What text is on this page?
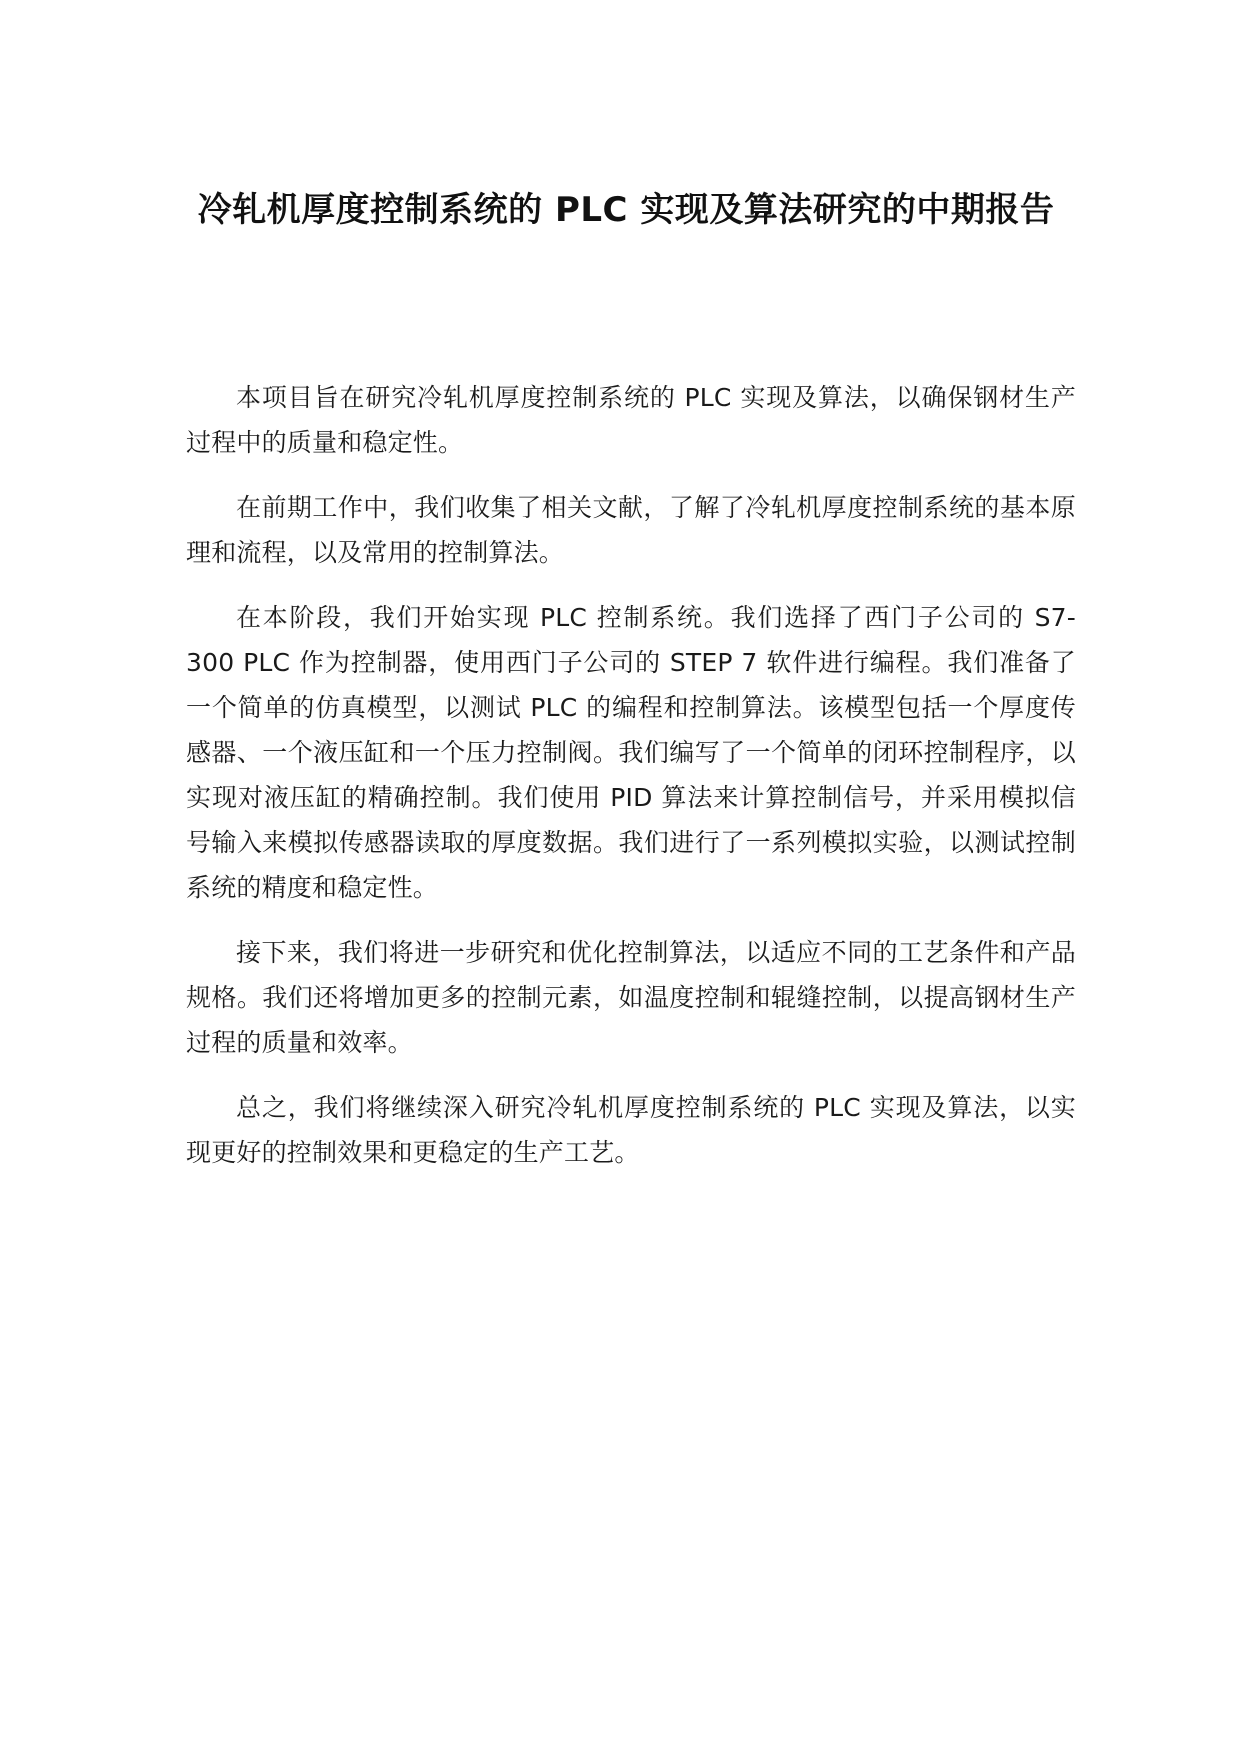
冷轧机厚度控制系统的 PLC 实现及算法研究的中期报告

本项目旨在研究冷轧机厚度控制系统的 PLC 实现及算法，以确保钢材生产过程中的质量和稳定性。

在前期工作中，我们收集了相关文献，了解了冷轧机厚度控制系统的基本原理和流程，以及常用的控制算法。

在本阶段，我们开始实现 PLC 控制系统。我们选择了西门子公司的 S7-300 PLC 作为控制器，使用西门子公司的 STEP 7 软件进行编程。我们准备了一个简单的仿真模型，以测试 PLC 的编程和控制算法。该模型包括一个厚度传感器、一个液压缸和一个压力控制阀。我们编写了一个简单的闭环控制程序，以实现对液压缸的精确控制。我们使用 PID 算法来计算控制信号，并采用模拟信号输入来模拟传感器读取的厚度数据。我们进行了一系列模拟实验，以测试控制系统的精度和稳定性。

接下来，我们将进一步研究和优化控制算法，以适应不同的工艺条件和产品规格。我们还将增加更多的控制元素，如温度控制和辊缝控制，以提高钢材生产过程的质量和效率。

总之，我们将继续深入研究冷轧机厚度控制系统的 PLC 实现及算法，以实现更好的控制效果和更稳定的生产工艺。
